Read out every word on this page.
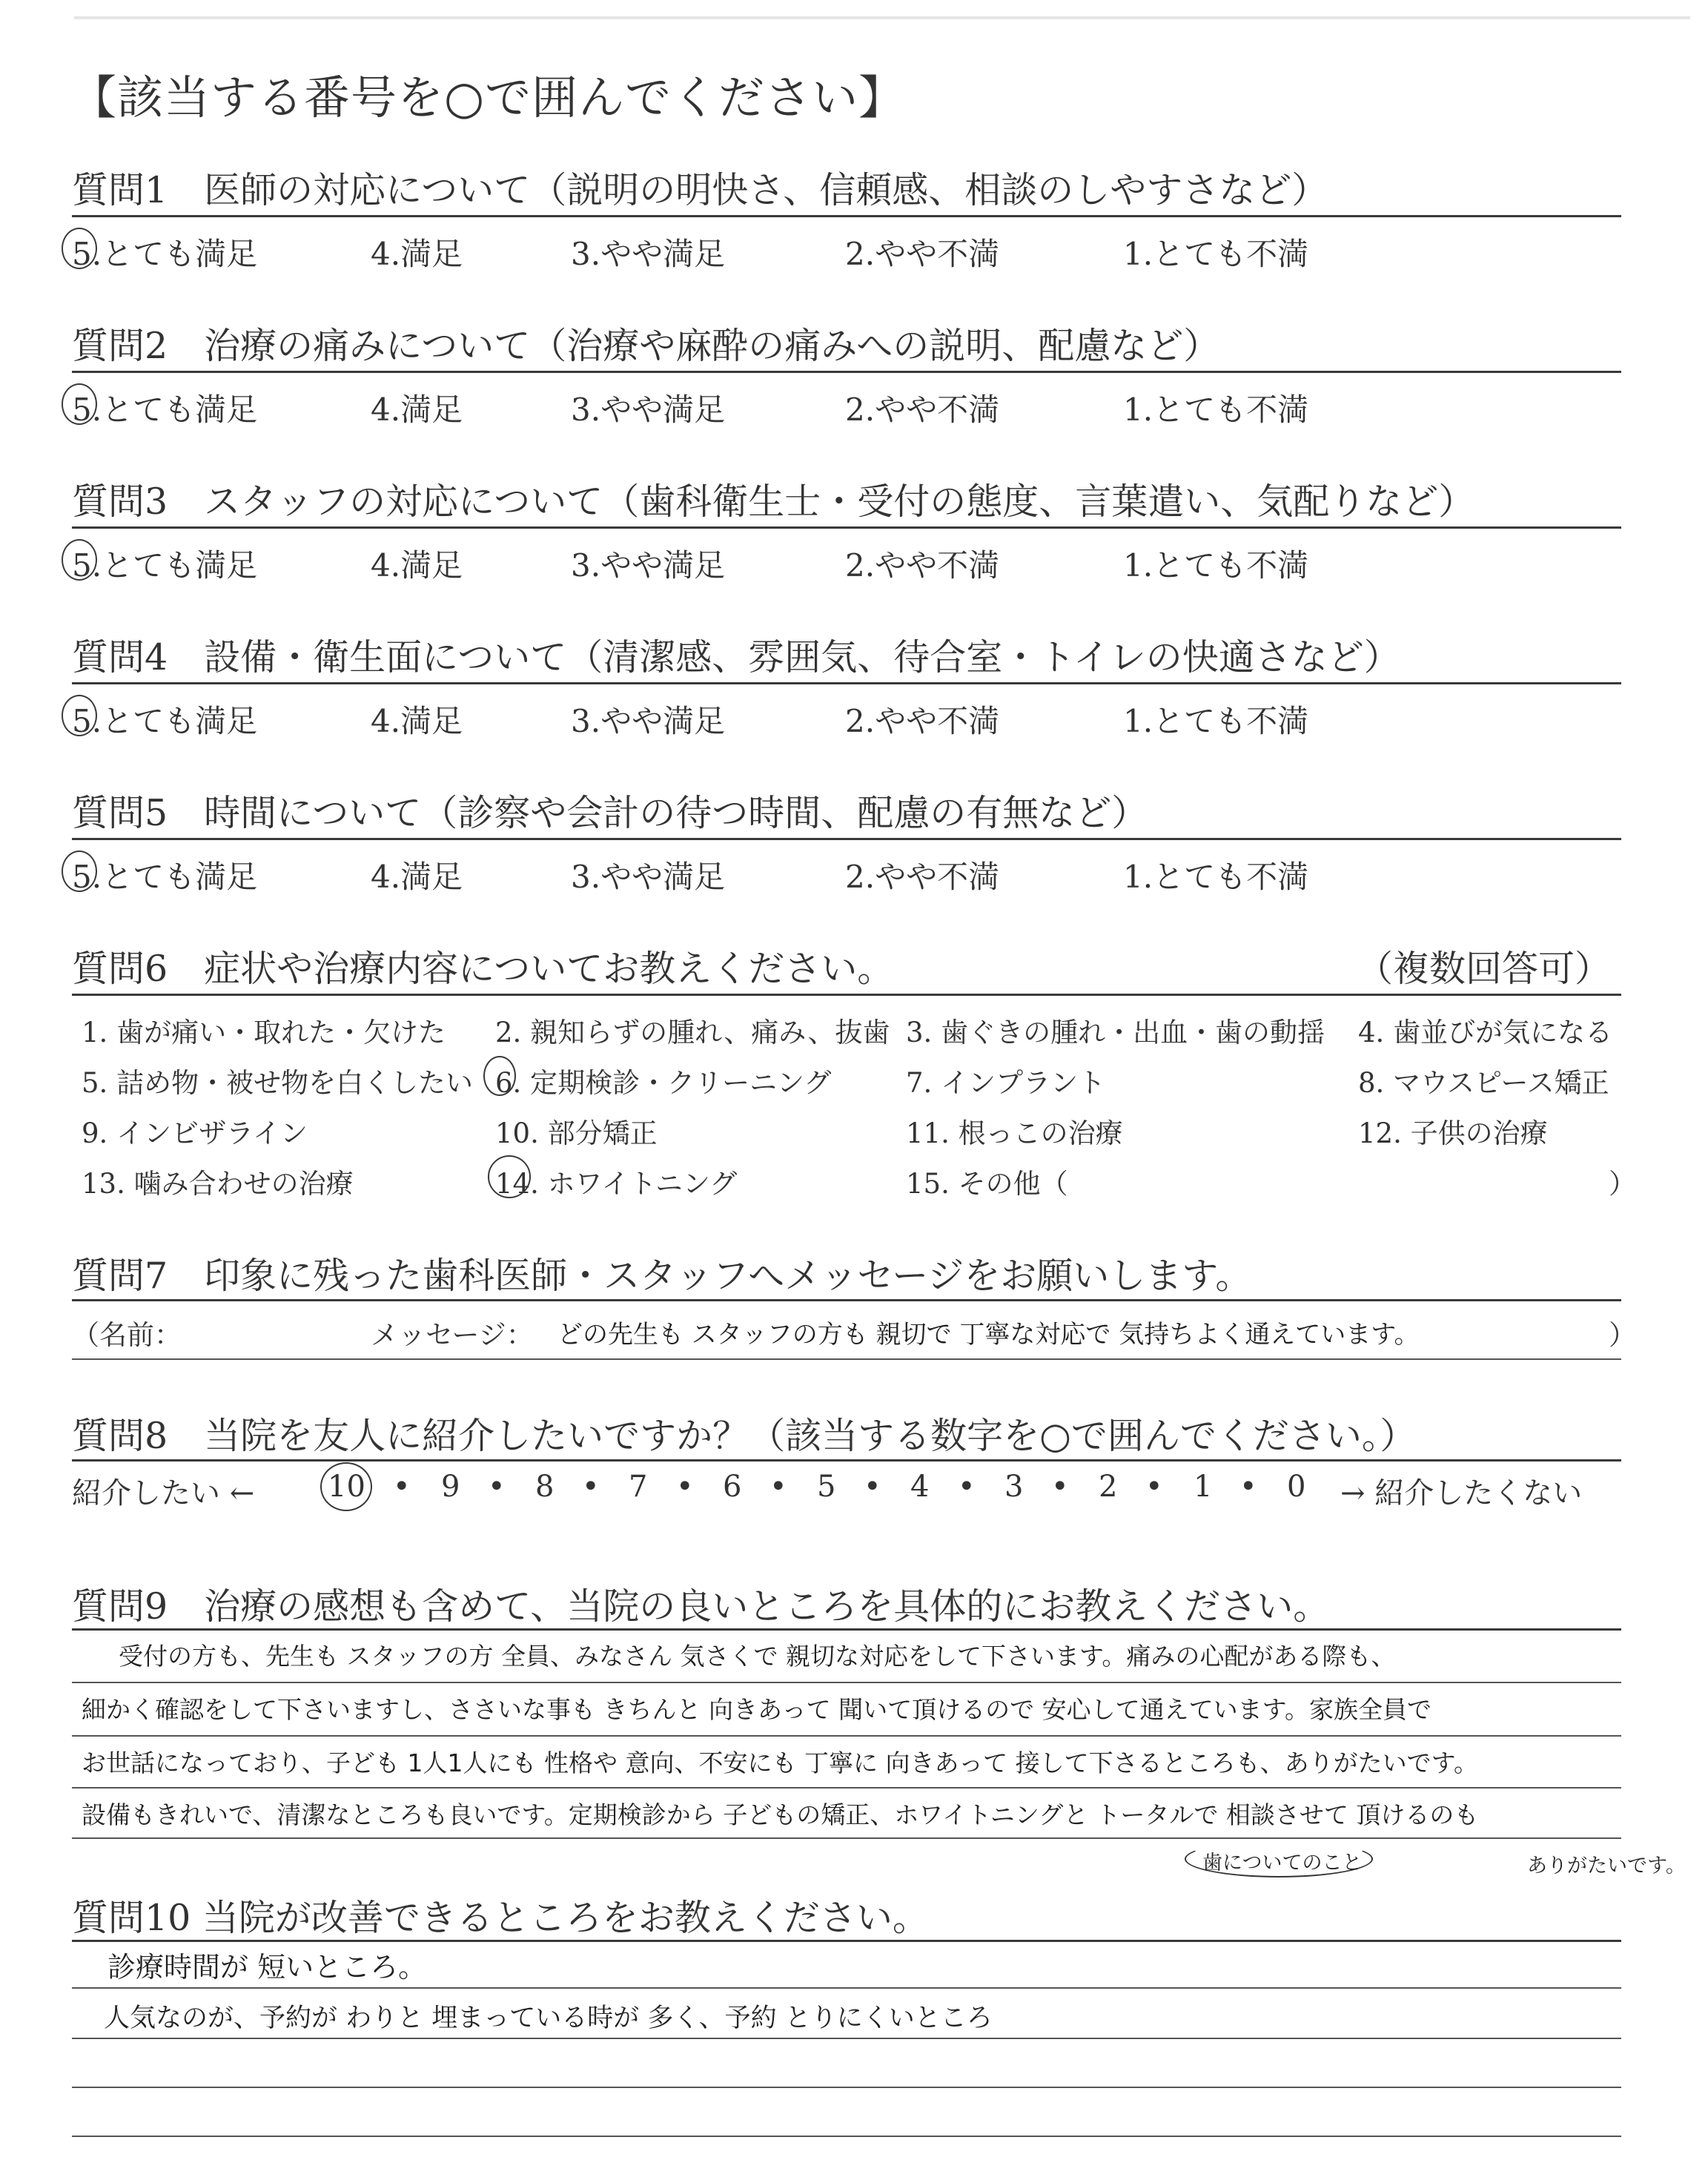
【該当する番号を○で囲んでください】
質問1　医師の対応について（説明の明快さ、信頼感、相談のしやすさなど）
5.とても満足	4.満足	3.やや満足	2.やや不満	1.とても不満
質問2　治療の痛みについて（治療や麻酔の痛みへの説明、配慮など）
5.とても満足	4.満足	3.やや満足	2.やや不満	1.とても不満
質問3　スタッフの対応について（歯科衛生士・受付の態度、言葉遣い、気配りなど）
5.とても満足	4.満足	3.やや満足	2.やや不満	1.とても不満
質問4　設備・衛生面について（清潔感、雰囲気、待合室・トイレの快適さなど）
5.とても満足	4.満足	3.やや満足	2.やや不満	1.とても不満
質問5　時間について（診察や会計の待つ時間、配慮の有無など）
5.とても満足	4.満足	3.やや満足	2.やや不満	1.とても不満
質問6　症状や治療内容についてお教えください。	（複数回答可）
1. 歯が痛い・取れた・欠けた 2. 親知らずの腫れ、痛み、抜歯 3. 歯ぐきの腫れ・出血・歯の動揺 4. 歯並びが気になる
5. 詰め物・被せ物を白くしたい 6. 定期検診・クリーニング	7. インプラント	8. マウスピース矯正
9. インビザライン	10. 部分矯正	11. 根っこの治療	12. 子供の治療
13. 噛み合わせの治療	14. ホワイトニング	15. その他（	）
質問7　印象に残った歯科医師・スタッフへメッセージをお願いします。
（名前：	メッセージ： どの先生も スタッフの方も 親切で 丁寧な対応で 気持ちよく通えています。	）
質問8　当院を友人に紹介したいですか？（該当する数字を○で囲んでください。）
紹介したい ← 10 • 9 • 8 • 7 • 6 • 5 • 4 • 3 • 2 • 1 • 0 → 紹介したくない
質問9　治療の感想も含めて、当院の良いところを具体的にお教えください。
受付の方も、先生も スタッフの方 全員、みなさん 気さくで 親切な対応をして下さいます。痛みの心配がある際も、
細かく確認をして下さいますし、ささいな事も きちんと 向きあって 聞いて頂けるので 安心して通えています。家族全員で
お世話になっており、子ども 1人1人にも 性格や 意向、不安にも 丁寧に 向きあって 接して下さるところも、ありがたいです。
設備もきれいで、清潔なところも良いです。定期検診から 子どもの矯正、ホワイトニングと トータルで 相談させて 頂けるのも
歯についてのこと	ありがたいです。
質問10 当院が改善できるところをお教えください。
診療時間が 短いところ。
人気なのが、予約が わりと 埋まっている時が 多く、予約 とりにくいところ
